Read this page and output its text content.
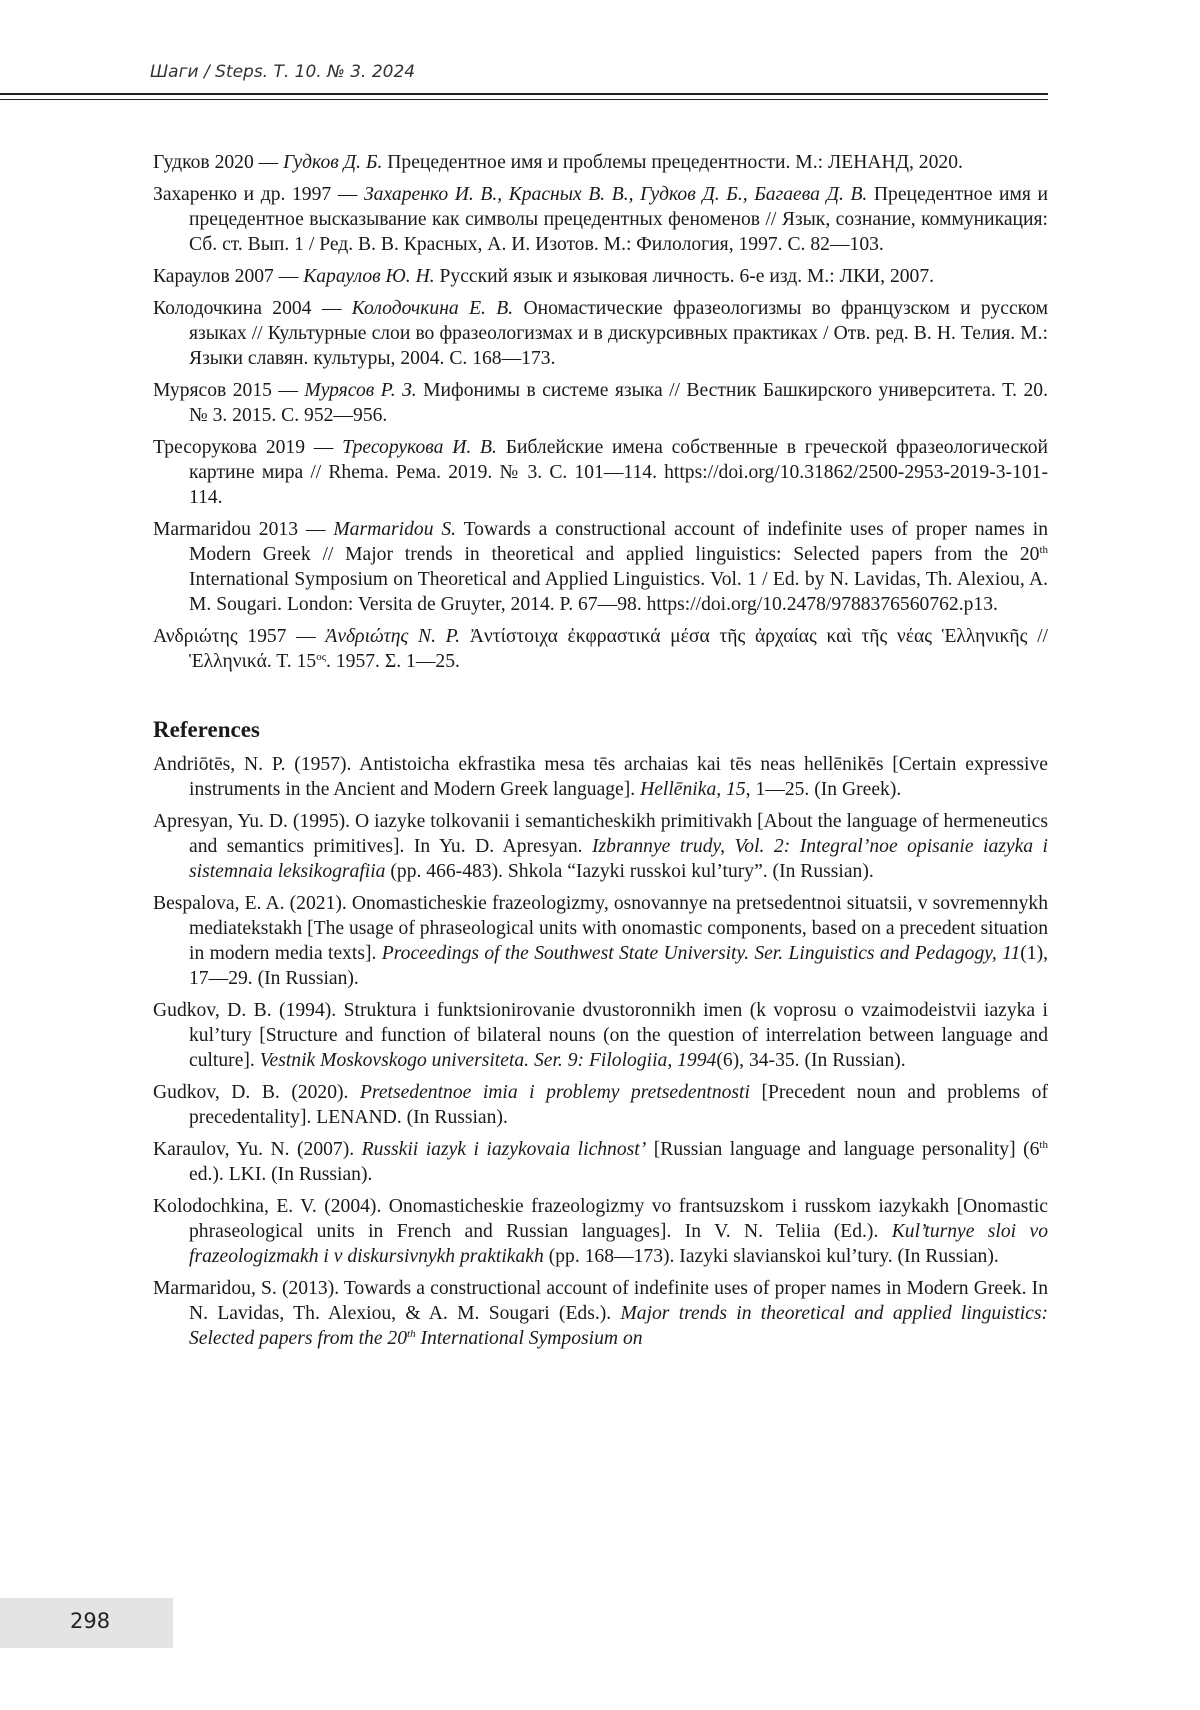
Шаги / Steps. Т. 10. № 3. 2024

Гудков 2020 — Гудков Д. Б. Прецедентное имя и проблемы прецедентности. М.: ЛЕНАНД, 2020.

Захаренко и др. 1997 — Захаренко И. В., Красных В. В., Гудков Д. Б., Багаева Д. В. Прецедентное имя и прецедентное высказывание как символы прецедентных феноменов // Язык, сознание, коммуникация: Сб. ст. Вып. 1 / Ред. В. В. Красных, А. И. Изотов. М.: Филология, 1997. С. 82—103.

Караулов 2007 — Караулов Ю. Н. Русский язык и языковая личность. 6-е изд. М.: ЛКИ, 2007.

Колодочкина 2004 — Колодочкина Е. В. Ономастические фразеологизмы во французском и русском языках // Культурные слои во фразеологизмах и в дискурсивных практиках / Отв. ред. В. Н. Телия. М.: Языки славян. культуры, 2004. С. 168—173.

Мурясов 2015 — Мурясов Р. З. Мифонимы в системе языка // Вестник Башкирского университета. Т. 20. № 3. 2015. С. 952—956.

Тресорукова 2019 — Тресорукова И. В. Библейские имена собственные в греческой фразеологической картине мира // Rhema. Рема. 2019. № 3. С. 101—114. https://doi.org/10.31862/2500-2953-2019-3-101-114.

Marmaridou 2013 — Marmaridou S. Towards a constructional account of indefinite uses of proper names in Modern Greek // Major trends in theoretical and applied linguistics: Selected papers from the 20th International Symposium on Theoretical and Applied Linguistics. Vol. 1 / Ed. by N. Lavidas, Th. Alexiou, A. M. Sougari. London: Versita de Gruyter, 2014. P. 67—98. https://doi.org/10.2478/9788376560762.p13.

Ανδριώτης 1957 — Ἀνδριώτης Ν. Ρ. Ἀντίστοιχα ἐκφραστικά μέσα τῆς ἀρχαίας καὶ τῆς νέας Ἑλληνικῆς // Ἑλληνικά. Τ. 15ος. 1957. Σ. 1—25.

References

Andriōtēs, N. P. (1957). Antistoicha ekfrastika mesa tēs archaias kai tēs neas hellēnikēs [Certain expressive instruments in the Ancient and Modern Greek language]. Hellēnika, 15, 1—25. (In Greek).

Apresyan, Yu. D. (1995). O iazyke tolkovanii i semanticheskikh primitivakh [About the language of hermeneutics and semantics primitives]. In Yu. D. Apresyan. Izbrannye trudy, Vol. 2: Integral’noe opisanie iazyka i sistemnaia leksikografiia (pp. 466-483). Shkola “Iazyki russkoi kul’tury”. (In Russian).

Bespalova, E. A. (2021). Onomasticheskie frazeologizmy, osnovannye na pretsedentnoi situatsii, v sovremennykh mediatekstakh [The usage of phraseological units with onomastic components, based on a precedent situation in modern media texts]. Proceedings of the Southwest State University. Ser. Linguistics and Pedagogy, 11(1), 17—29. (In Russian).

Gudkov, D. B. (1994). Struktura i funktsionirovanie dvustoronnikh imen (k voprosu o vzaimodeistvii iazyka i kul’tury [Structure and function of bilateral nouns (on the question of interrelation between language and culture]. Vestnik Moskovskogo universiteta. Ser. 9: Filologiia, 1994(6), 34-35. (In Russian).

Gudkov, D. B. (2020). Pretsedentnoe imia i problemy pretsedentnosti [Precedent noun and problems of precedentality]. LENAND. (In Russian).

Karaulov, Yu. N. (2007). Russkii iazyk i iazykovaia lichnost’ [Russian language and language personality] (6th ed.). LKI. (In Russian).

Kolodochkina, E. V. (2004). Onomasticheskie frazeologizmy vo frantsuzskom i russkom iazykakh [Onomastic phraseological units in French and Russian languages]. In V. N. Teliia (Ed.). Kul’turnye sloi vo frazeologizmakh i v diskursivnykh praktikakh (pp. 168—173). Iazyki slavianskoi kul’tury. (In Russian).

Marmaridou, S. (2013). Towards a constructional account of indefinite uses of proper names in Modern Greek. In N. Lavidas, Th. Alexiou, & A. M. Sougari (Eds.). Major trends in theoretical and applied linguistics: Selected papers from the 20th International Symposium on

298
